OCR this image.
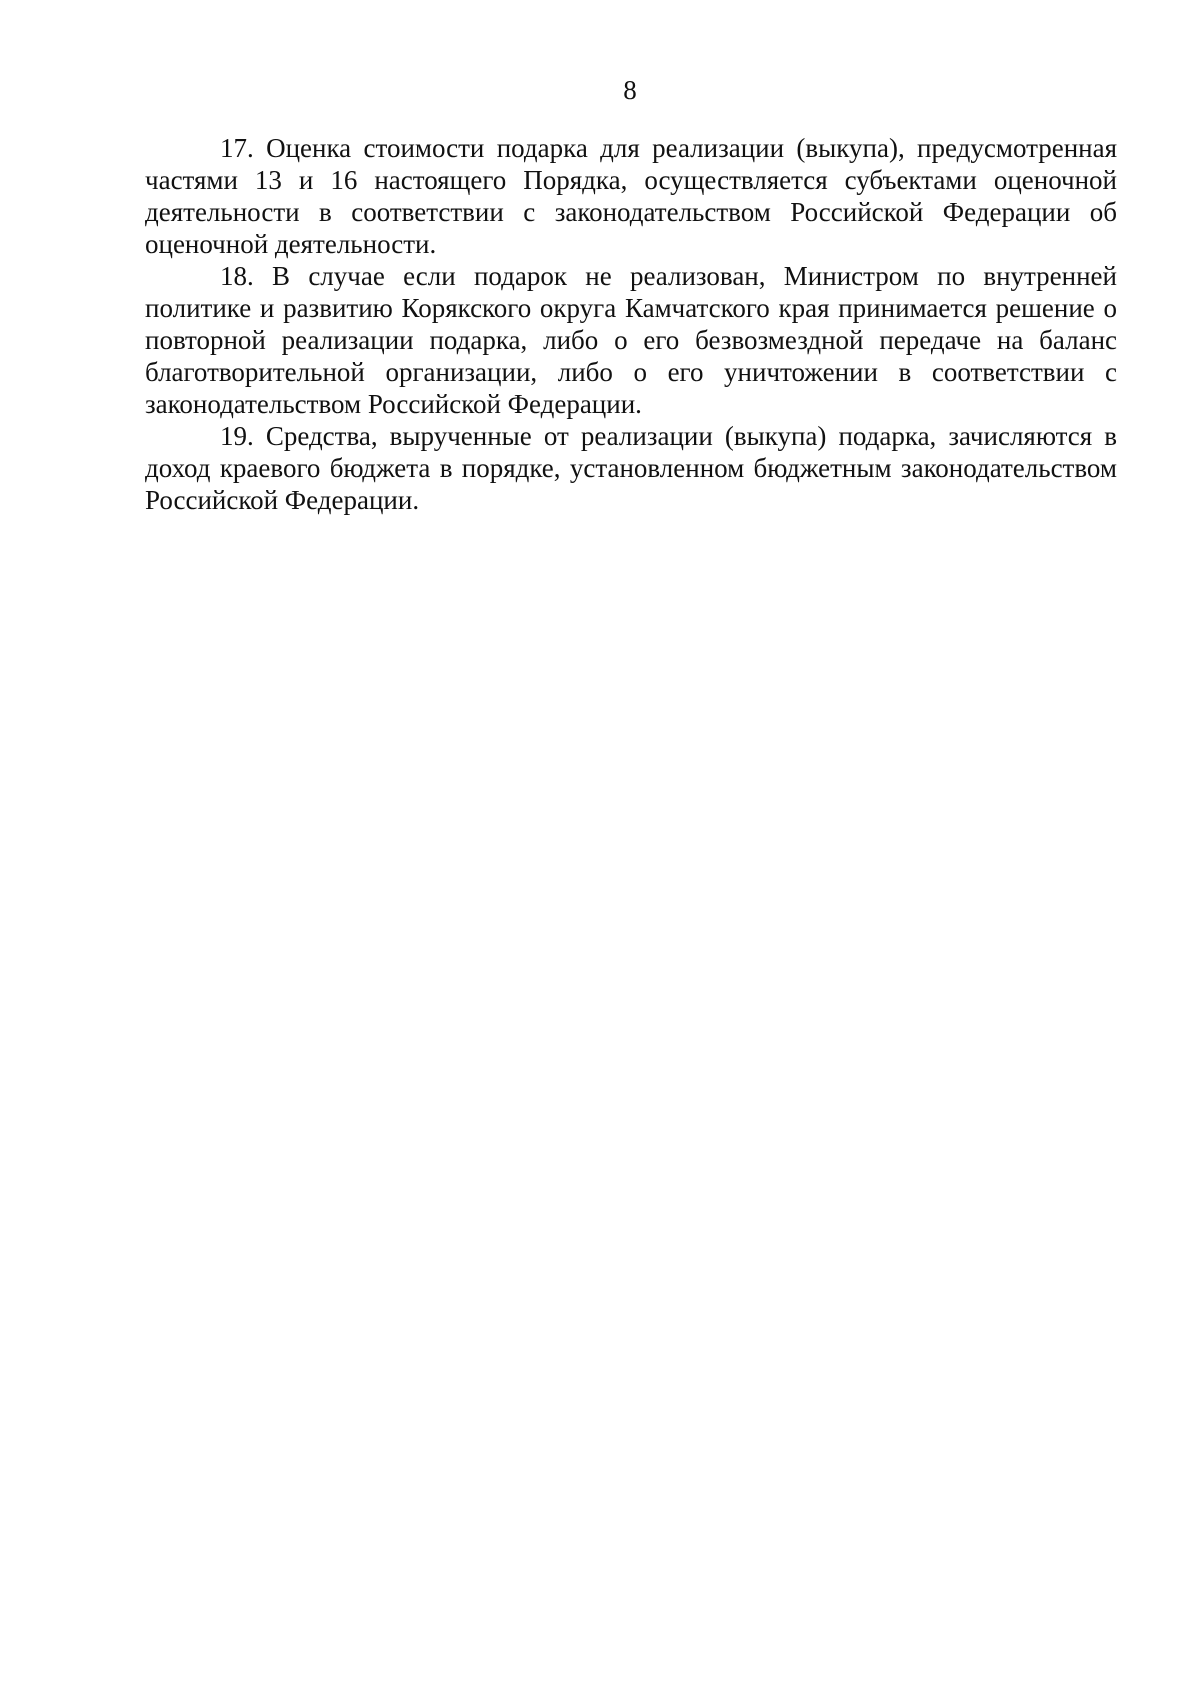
8

17. Оценка стоимости подарка для реализации (выкупа), предусмотренная частями 13 и 16 настоящего Порядка, осуществляется субъектами оценочной деятельности в соответствии с законодательством Российской Федерации об оценочной деятельности.

18. В случае если подарок не реализован, Министром по внутренней политике и развитию Корякского округа Камчатского края принимается решение о повторной реализации подарка, либо о его безвозмездной передаче на баланс благотворительной организации, либо о его уничтожении в соответствии с законодательством Российской Федерации.

19. Средства, вырученные от реализации (выкупа) подарка, зачисляются в доход краевого бюджета в порядке, установленном бюджетным законодательством Российской Федерации.
